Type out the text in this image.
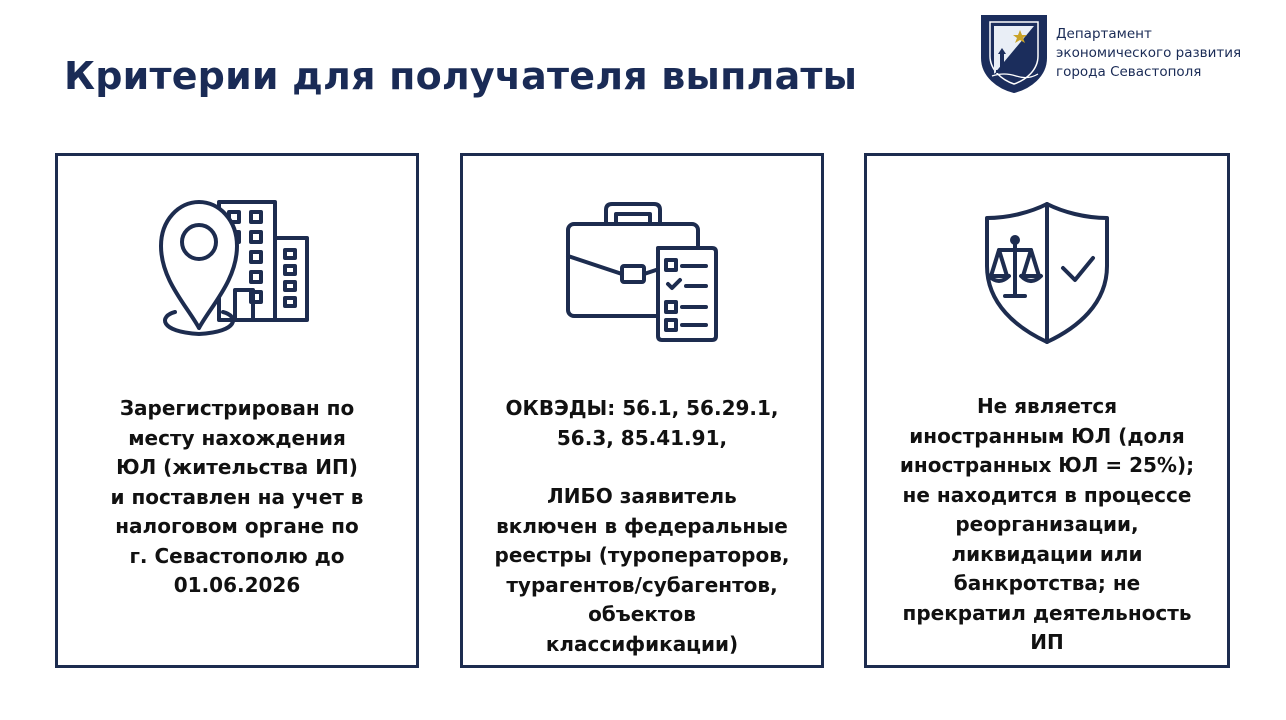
Критерии для получателя выплаты
Департамент
экономического развития
города Севастополя
Зарегистрирован по
месту нахождения
ЮЛ (жительства ИП)
и поставлен на учет в
налоговом органе по
г. Севастополю до
01.06.2026
ОКВЭДЫ: 56.1, 56.29.1,
56.3, 85.41.91,
ЛИБО заявитель
включен в федеральные
реестры (туроператоров,
турагентов/субагентов,
объектов
классификации)
Не является
иностранным ЮЛ (доля
иностранных ЮЛ = 25%);
не находится в процессе
реорганизации,
ликвидации или
банкротства; не
прекратил деятельность
ИП
